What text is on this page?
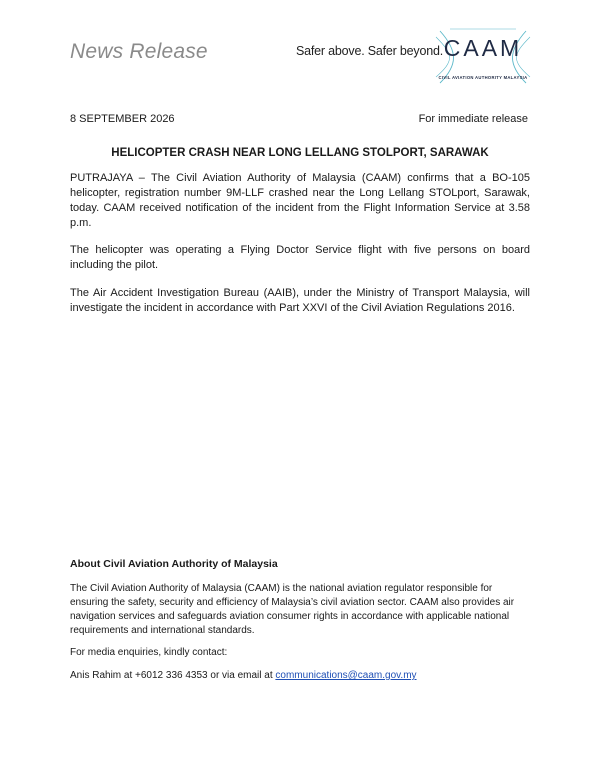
News Release	Safer above. Safer beyond. CAAM
CIVIL AVIATION AUTHORITY MALAYSIA
8 SEPTEMBER 2026	For immediate release
HELICOPTER CRASH NEAR LONG LELLANG STOLPORT, SARAWAK

PUTRAJAYA – The Civil Aviation Authority of Malaysia (CAAM) confirms that a BO-105 helicopter, registration number 9M-LLF crashed near the Long Lellang STOLport, Sarawak, today. CAAM received notification of the incident from the Flight Information Service at 3.58 p.m.

The helicopter was operating a Flying Doctor Service flight with five persons on board including the pilot.

The Air Accident Investigation Bureau (AAIB), under the Ministry of Transport Malaysia, will investigate the incident in accordance with Part XXVI of the Civil Aviation Regulations 2016.

About Civil Aviation Authority of Malaysia

The Civil Aviation Authority of Malaysia (CAAM) is the national aviation regulator responsible for ensuring the safety, security and efficiency of Malaysia’s civil aviation sector. CAAM also provides air navigation services and safeguards aviation consumer rights in accordance with applicable national requirements and international standards.

For media enquiries, kindly contact:
Anis Rahim at +6012 336 4353 or via email at communications@caam.gov.my
